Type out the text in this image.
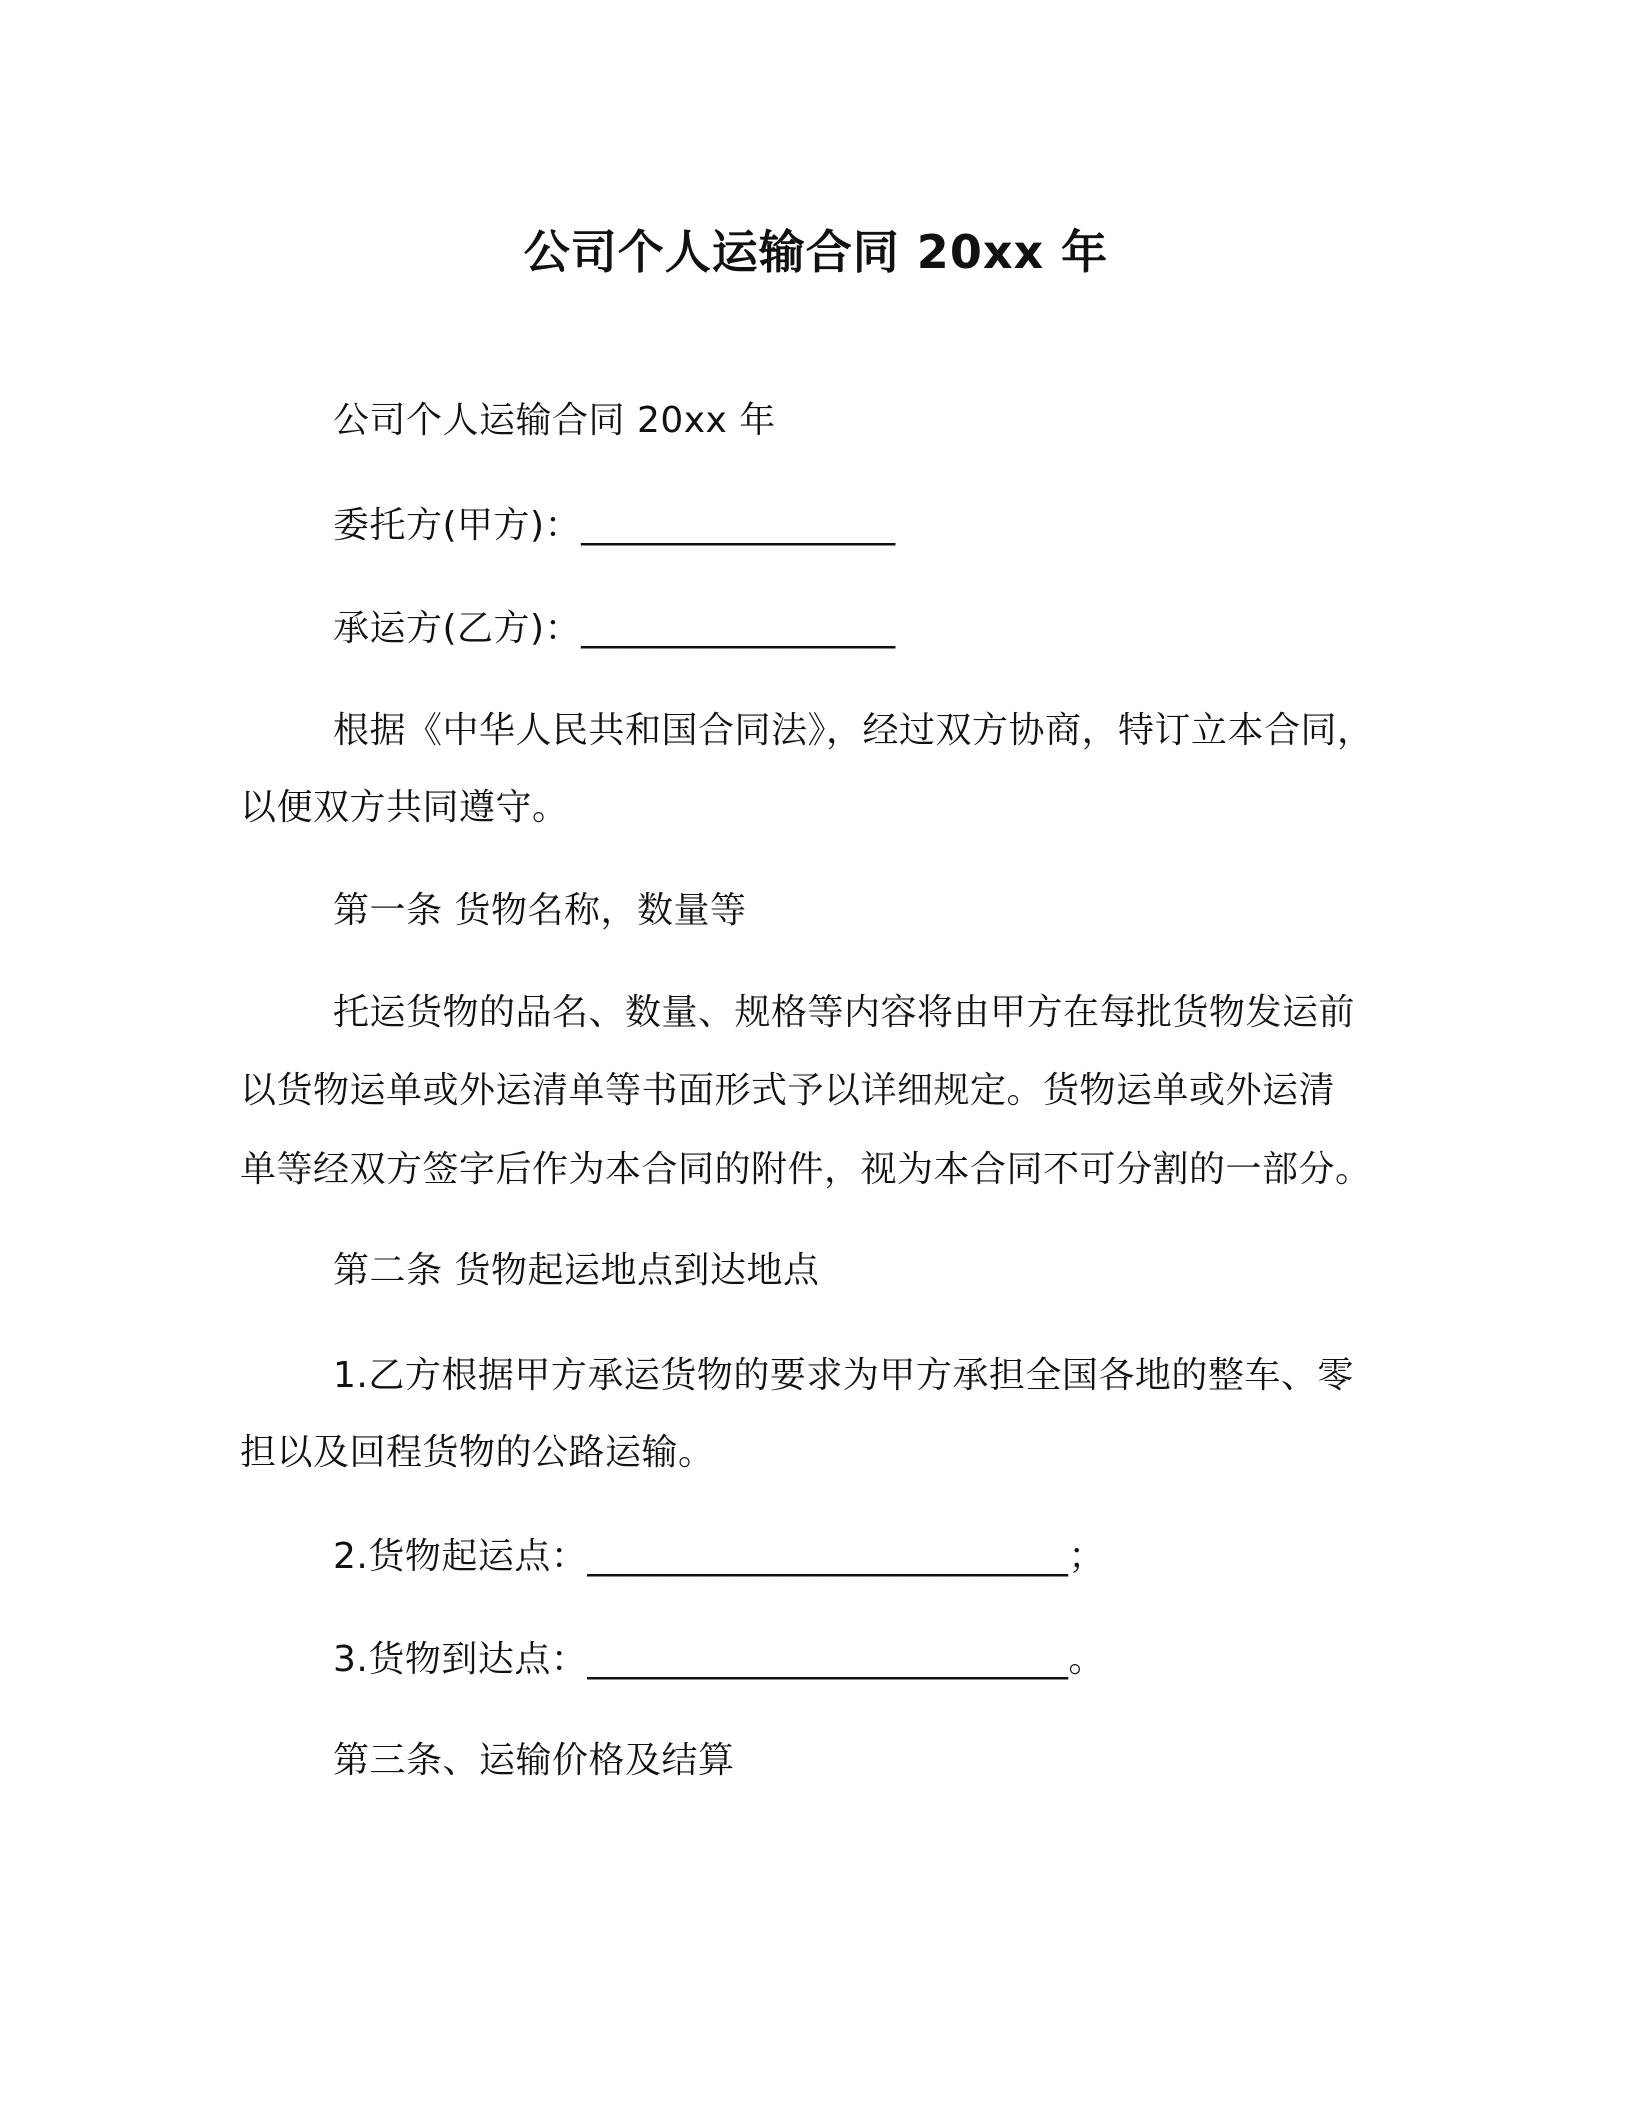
公司个人运输合同 20xx 年
公司个人运输合同 20xx 年
委托方(甲方)：_________________
承运方(乙方)：_________________
根据《中华人民共和国合同法》，经过双方协商，特订立本合同，
以便双方共同遵守。
第一条 货物名称，数量等
托运货物的品名、数量、规格等内容将由甲方在每批货物发运前
以货物运单或外运清单等书面形式予以详细规定。货物运单或外运清
单等经双方签字后作为本合同的附件，视为本合同不可分割的一部分。
第二条 货物起运地点到达地点
1.乙方根据甲方承运货物的要求为甲方承担全国各地的整车、零
担以及回程货物的公路运输。
2.货物起运点：__________________________；
3.货物到达点：__________________________。
第三条、运输价格及结算
